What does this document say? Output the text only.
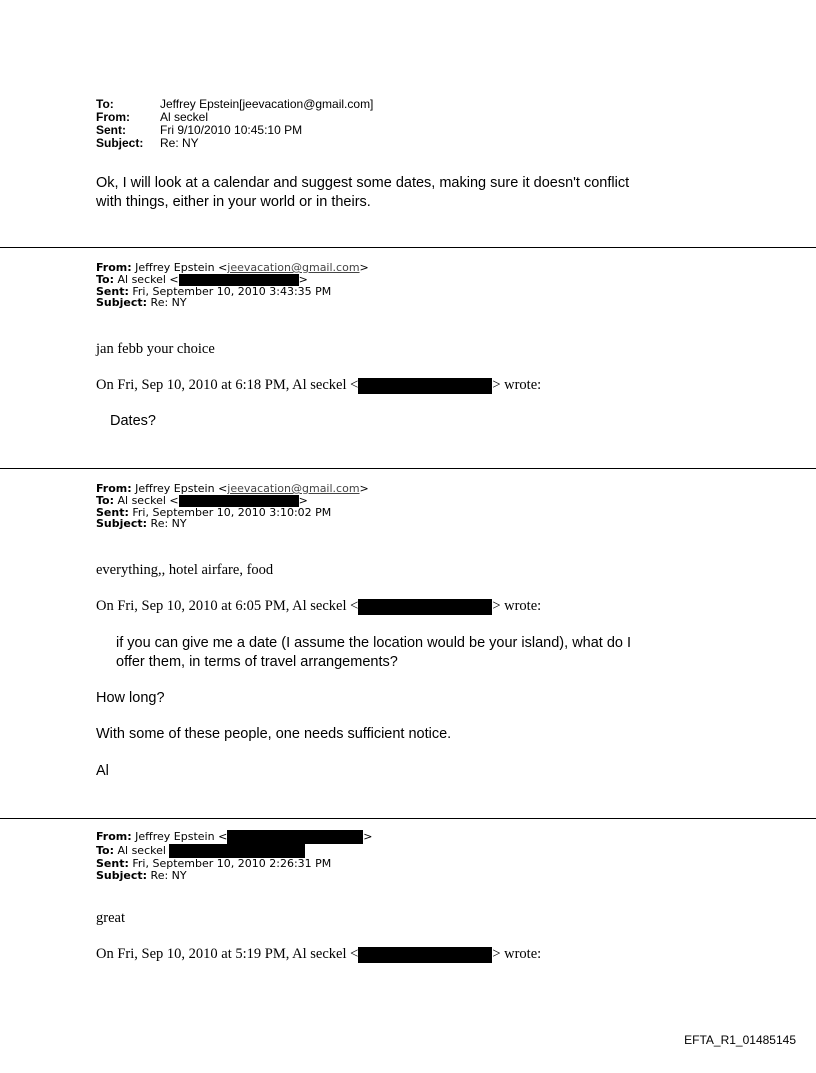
To:	Jeffrey Epstein[jeevacation@gmail.com]
From:	Al seckel
Sent:	Fri 9/10/2010 10:45:10 PM
Subject:	Re: NY
Ok, I will look at a calendar and suggest some dates, making sure it doesn't conflict
with things, either in your world or in theirs.
From: Jeffrey Epstein <jeevacation@gmail.com>
To: Al seckel <	>
Sent: Fri, September 10, 2010 3:43:35 PM
Subject: Re: NY
jan febb your choice
On Fri, Sep 10, 2010 at 6:18 PM, Al seckel <	> wrote:
Dates?
From: Jeffrey Epstein <jeevacation@gmail.com>
To: Al seckel <	>
Sent: Fri, September 10, 2010 3:10:02 PM
Subject: Re: NY
everything,, hotel airfare, food
On Fri, Sep 10, 2010 at 6:05 PM, Al seckel <	> wrote:
if you can give me a date (I assume the location would be your island), what do I
offer them, in terms of travel arrangements?
How long?
With some of these people, one needs sufficient notice.
Al
From: Jeffrey Epstein <	>
To: Al seckel
Sent: Fri, September 10, 2010 2:26:31 PM
Subject: Re: NY
great
On Fri, Sep 10, 2010 at 5:19 PM, Al seckel <	> wrote:
EFTA_R1_01485145
